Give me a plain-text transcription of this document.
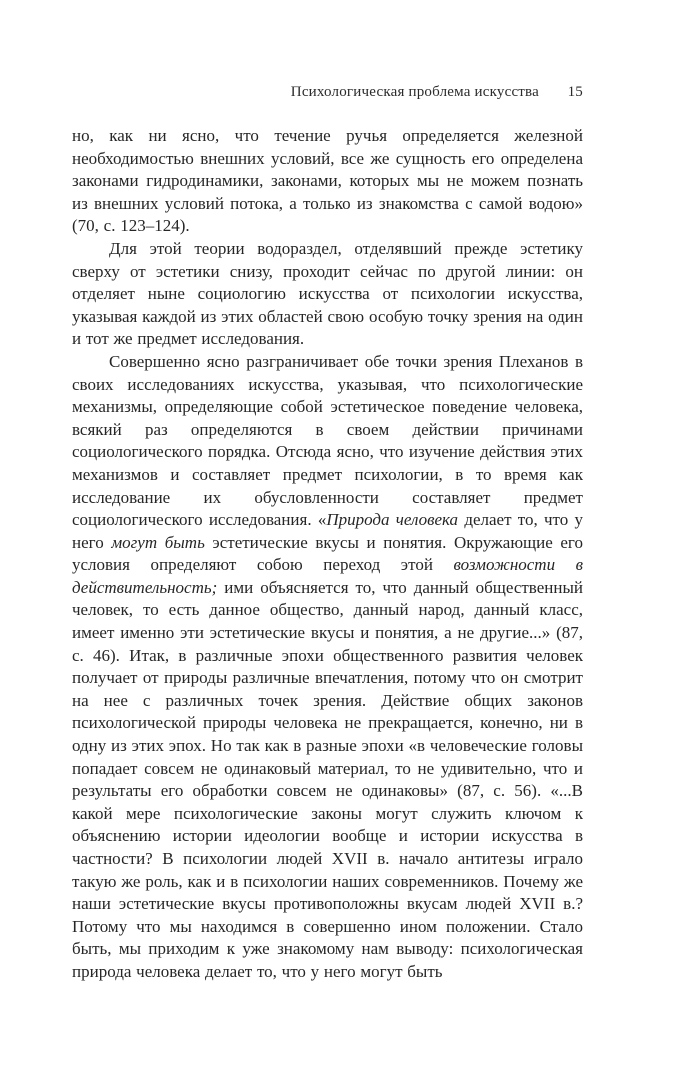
Психологическая проблема искусства 15

но, как ни ясно, что течение ручья определяется железной необходимостью внешних условий, все же сущность его определена законами гидродинамики, законами, которых мы не можем познать из внешних условий потока, а только из знакомства с самой водою» (70, с. 123–124).

Для этой теории водораздел, отделявший прежде эстетику сверху от эстетики снизу, проходит сейчас по другой линии: он отделяет ныне социологию искусства от психологии искусства, указывая каждой из этих областей свою особую точку зрения на один и тот же предмет исследования.

Совершенно ясно разграничивает обе точки зрения Плеханов в своих исследованиях искусства, указывая, что психологические механизмы, определяющие собой эстетическое поведение человека, всякий раз определяются в своем действии причинами социологического порядка. Отсюда ясно, что изучение действия этих механизмов и составляет предмет психологии, в то время как исследование их обусловленности составляет предмет социологического исследования. «Природа человека делает то, что у него могут быть эстетические вкусы и понятия. Окружающие его условия определяют собою переход этой возможности в действительность; ими объясняется то, что данный общественный человек, то есть данное общество, данный народ, данный класс, имеет именно эти эстетические вкусы и понятия, а не другие...» (87, с. 46). Итак, в различные эпохи общественного развития человек получает от природы различные впечатления, потому что он смотрит на нее с различных точек зрения. Действие общих законов психологической природы человека не прекращается, конечно, ни в одну из этих эпох. Но так как в разные эпохи «в человеческие головы попадает совсем не одинаковый материал, то не удивительно, что и результаты его обработки совсем не одинаковы» (87, с. 56). «...В какой мере психологические законы могут служить ключом к объяснению истории идеологии вообще и истории искусства в частности? В психологии людей XVII в. начало антитезы играло такую же роль, как и в психологии наших современников. Почему же наши эстетические вкусы противоположны вкусам людей XVII в.? Потому что мы находимся в совершенно ином положении. Стало быть, мы приходим к уже знакомому нам выводу: психологическая природа человека делает то, что у него могут быть
